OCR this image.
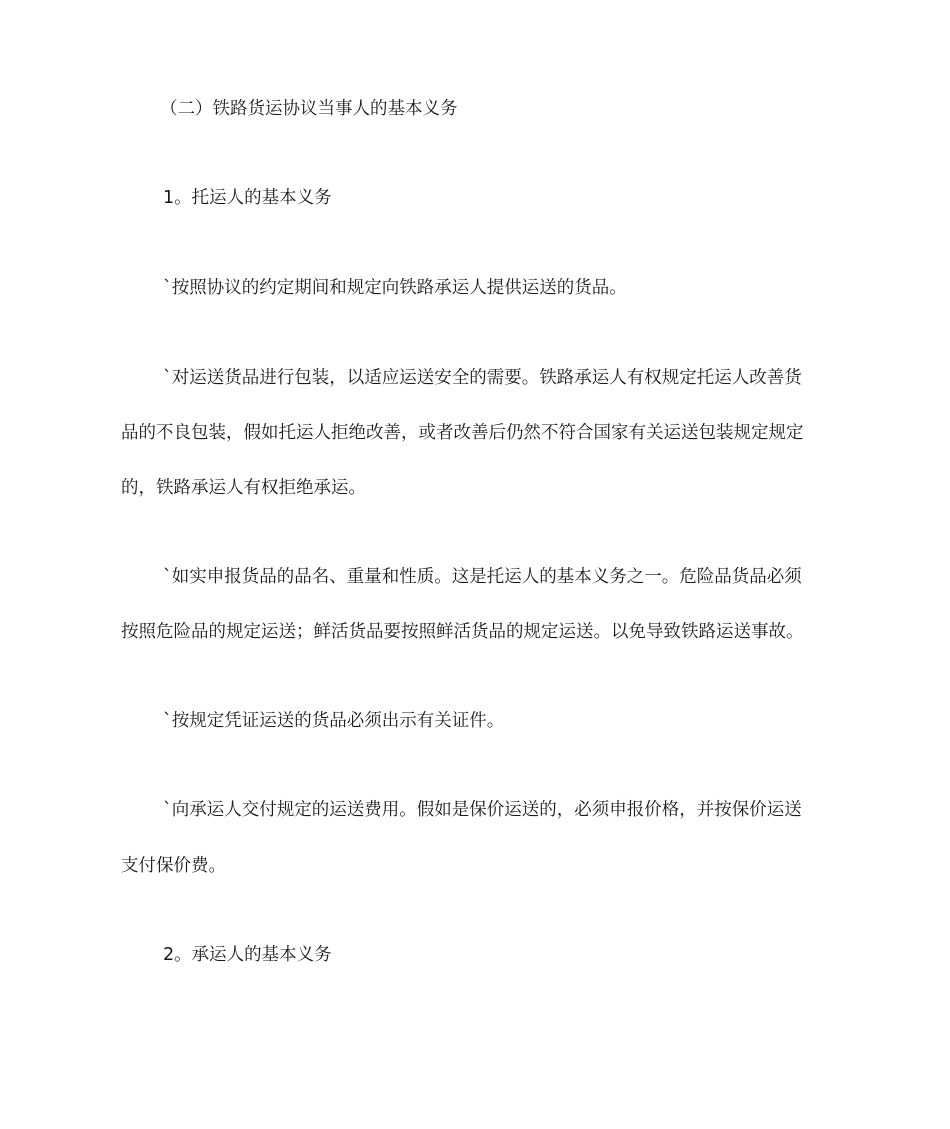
（二）铁路货运协议当事人的基本义务
1。托运人的基本义务
`按照协议的约定期间和规定向铁路承运人提供运送的货品。
`对运送货品进行包装，以适应运送安全的需要。铁路承运人有权规定托运人改善货
品的不良包装，假如托运人拒绝改善，或者改善后仍然不符合国家有关运送包装规定规定
的，铁路承运人有权拒绝承运。
`如实申报货品的品名、重量和性质。这是托运人的基本义务之一。危险品货品必须
按照危险品的规定运送；鲜活货品要按照鲜活货品的规定运送。以免导致铁路运送事故。
`按规定凭证运送的货品必须出示有关证件。
`向承运人交付规定的运送费用。假如是保价运送的，必须申报价格，并按保价运送
支付保价费。
2。承运人的基本义务
